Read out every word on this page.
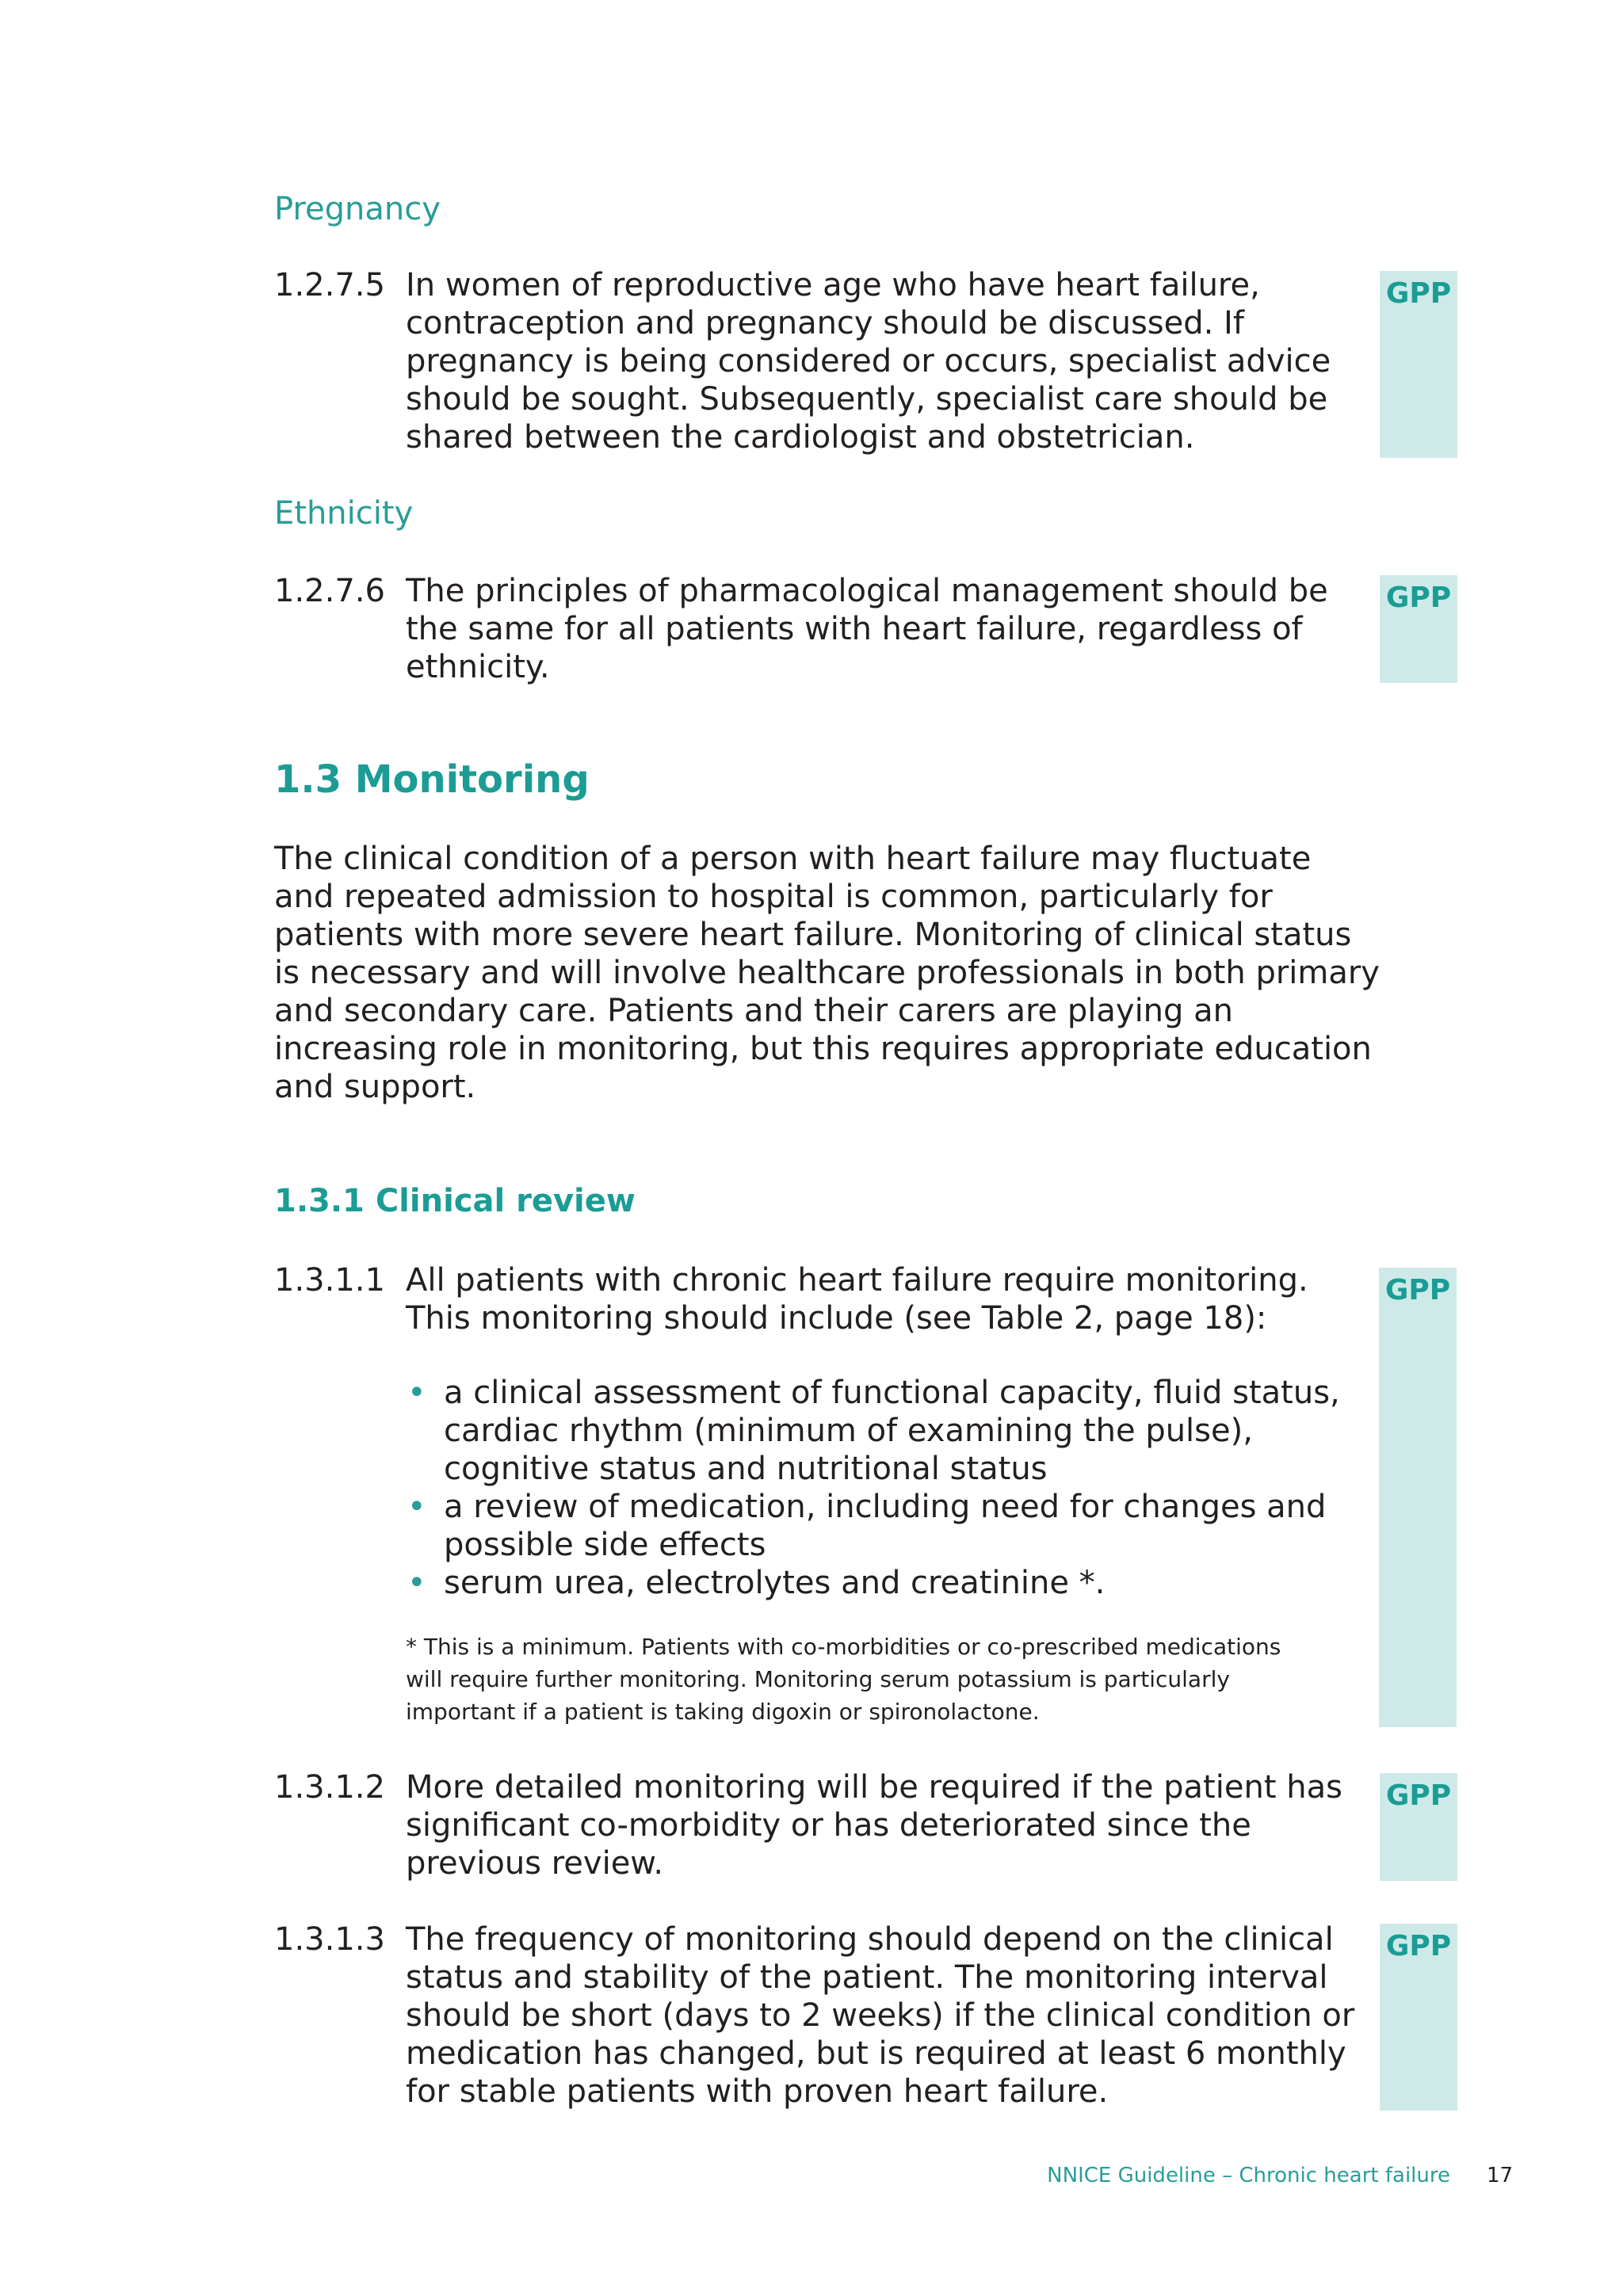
Pregnancy
1.2.7.5 In women of reproductive age who have heart failure,
contraception and pregnancy should be discussed. If
pregnancy is being considered or occurs, specialist advice
should be sought. Subsequently, specialist care should be
shared between the cardiologist and obstetrician.
GPP
Ethnicity
1.2.7.6 The principles of pharmacological management should be
the same for all patients with heart failure, regardless of
ethnicity.
GPP
1.3 Monitoring
The clinical condition of a person with heart failure may fluctuate
and repeated admission to hospital is common, particularly for
patients with more severe heart failure. Monitoring of clinical status
is necessary and will involve healthcare professionals in both primary
and secondary care. Patients and their carers are playing an
increasing role in monitoring, but this requires appropriate education
and support.
1.3.1 Clinical review
1.3.1.1 All patients with chronic heart failure require monitoring.
This monitoring should include (see Table 2, page 18):
• a clinical assessment of functional capacity, fluid status,
cardiac rhythm (minimum of examining the pulse),
cognitive status and nutritional status
• a review of medication, including need for changes and
possible side effects
• serum urea, electrolytes and creatinine *.
* This is a minimum. Patients with co-morbidities or co-prescribed medications
will require further monitoring. Monitoring serum potassium is particularly
important if a patient is taking digoxin or spironolactone.
GPP
1.3.1.2 More detailed monitoring will be required if the patient has
significant co-morbidity or has deteriorated since the
previous review.
GPP
1.3.1.3 The frequency of monitoring should depend on the clinical
status and stability of the patient. The monitoring interval
should be short (days to 2 weeks) if the clinical condition or
medication has changed, but is required at least 6 monthly
for stable patients with proven heart failure.
GPP
NNICE Guideline – Chronic heart failure 17
